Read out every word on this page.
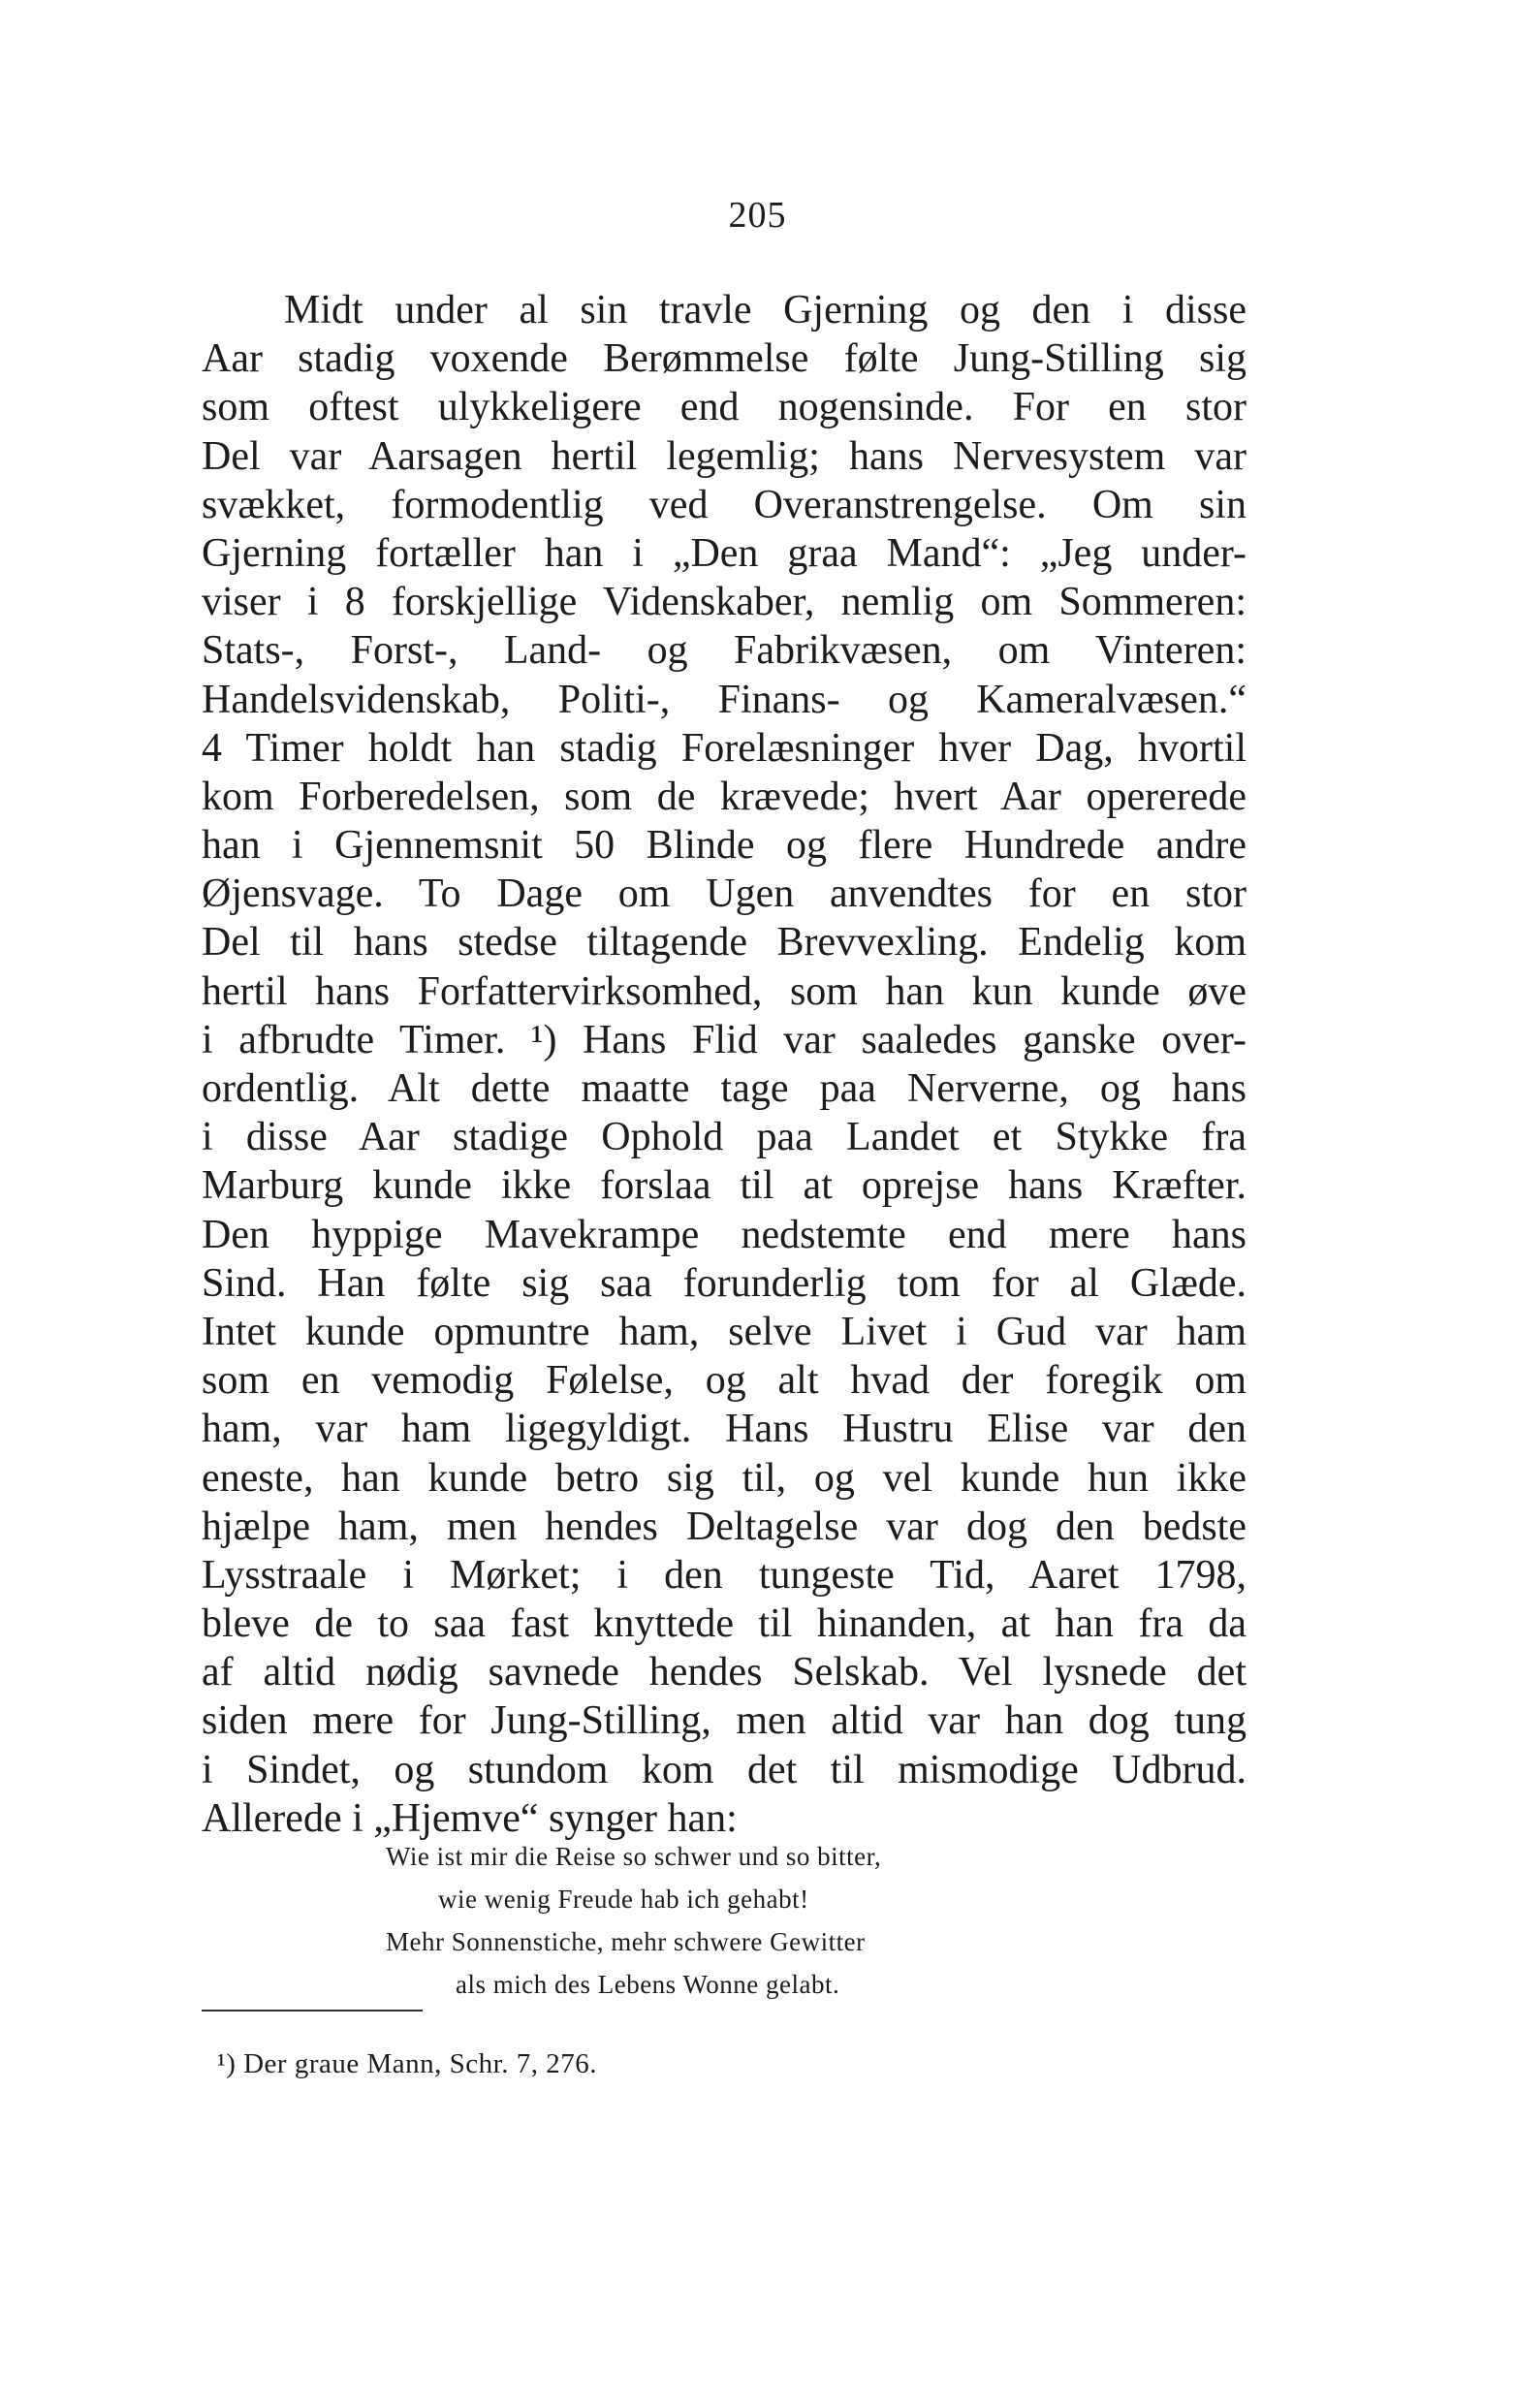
205
Midt under al sin travle Gjerning og den i disse
Aar stadig voxende Berømmelse følte Jung-Stilling sig
som oftest ulykkeligere end nogensinde. For en stor
Del var Aarsagen hertil legemlig; hans Nervesystem var
svækket, formodentlig ved Overanstrengelse. Om sin
Gjerning fortæller han i „Den graa Mand“: „Jeg under-
viser i 8 forskjellige Videnskaber, nemlig om Sommeren:
Stats-, Forst-, Land- og Fabrikvæsen, om Vinteren:
Handelsvidenskab, Politi-, Finans- og Kameralvæsen.“
4 Timer holdt han stadig Forelæsninger hver Dag, hvortil
kom Forberedelsen, som de krævede; hvert Aar opererede
han i Gjennemsnit 50 Blinde og flere Hundrede andre
Øjensvage. To Dage om Ugen anvendtes for en stor
Del til hans stedse tiltagende Brevvexling. Endelig kom
hertil hans Forfattervirksomhed, som han kun kunde øve
i afbrudte Timer. ¹) Hans Flid var saaledes ganske over-
ordentlig. Alt dette maatte tage paa Nerverne, og hans
i disse Aar stadige Ophold paa Landet et Stykke fra
Marburg kunde ikke forslaa til at oprejse hans Kræfter.
Den hyppige Mavekrampe nedstemte end mere hans
Sind. Han følte sig saa forunderlig tom for al Glæde.
Intet kunde opmuntre ham, selve Livet i Gud var ham
som en vemodig Følelse, og alt hvad der foregik om
ham, var ham ligegyldigt. Hans Hustru Elise var den
eneste, han kunde betro sig til, og vel kunde hun ikke
hjælpe ham, men hendes Deltagelse var dog den bedste
Lysstraale i Mørket; i den tungeste Tid, Aaret 1798,
bleve de to saa fast knyttede til hinanden, at han fra da
af altid nødig savnede hendes Selskab. Vel lysnede det
siden mere for Jung-Stilling, men altid var han dog tung
i Sindet, og stundom kom det til mismodige Udbrud.
Allerede i „Hjemve“ synger han:
Wie ist mir die Reise so schwer und so bitter,
wie wenig Freude hab ich gehabt!
Mehr Sonnenstiche, mehr schwere Gewitter
als mich des Lebens Wonne gelabt.
¹) Der graue Mann, Schr. 7, 276.
